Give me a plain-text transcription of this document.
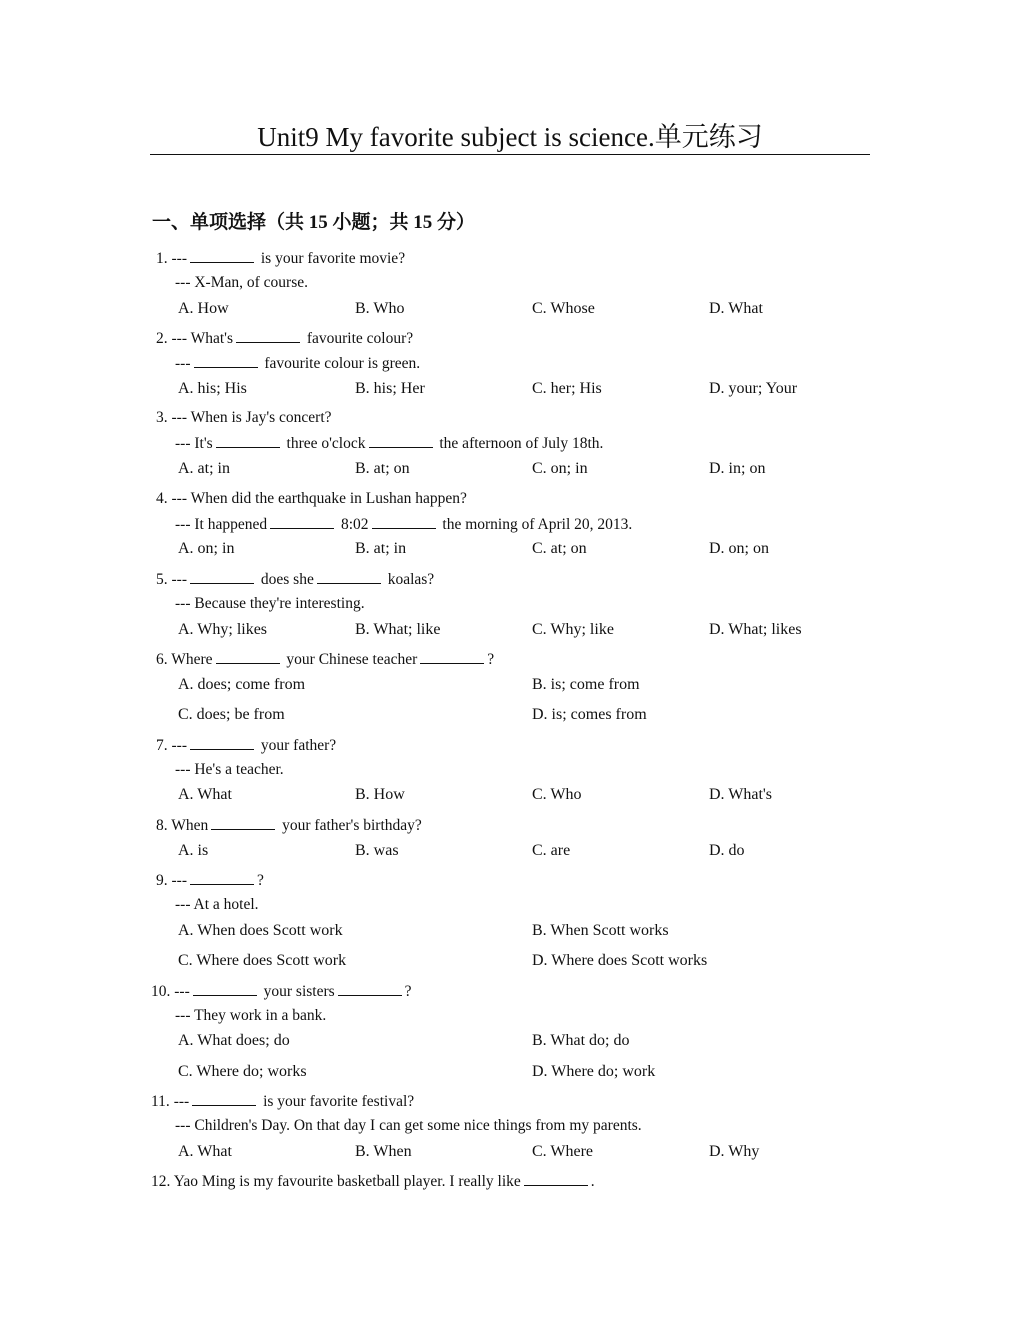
Unit9 My favorite subject is science.单元练习
一、单项选择（共 15 小题；共 15 分）
1. ---	is your favorite movie?
--- X-Man, of course.
A. How	B. Who	C. Whose	D. What
2. --- What's	favourite colour?
---	favourite colour is green.
A. his; His	B. his; Her	C. her; His	D. your; Your
3. --- When is Jay's concert?
--- It's	three o'clock	the afternoon of July 18th.
A. at; in	B. at; on	C. on; in	D. in; on
4. --- When did the earthquake in Lushan happen?
--- It happened	8:02	the morning of April 20, 2013.
A. on; in	B. at; in	C. at; on	D. on; on
5. ---	does she	koalas?
--- Because they're interesting.
A. Why; likes	B. What; like	C. Why; like	D. What; likes
6. Where	your Chinese teacher	?
A. does; come from	B. is; come from
C. does; be from	D. is; comes from
7. ---	your father?
--- He's a teacher.
A. What	B. How	C. Who	D. What's
8. When	your father's birthday?
A. is	B. was	C. are	D. do
9. ---	?
--- At a hotel.
A. When does Scott work	B. When Scott works
C. Where does Scott work	D. Where does Scott works
10. ---	your sisters	?
--- They work in a bank.
A. What does; do	B. What do; do
C. Where do; works	D. Where do; work
11. ---	is your favorite festival?
--- Children's Day. On that day I can get some nice things from my parents.
A. What	B. When	C. Where	D. Why
12. Yao Ming is my favourite basketball player. I really like	.
